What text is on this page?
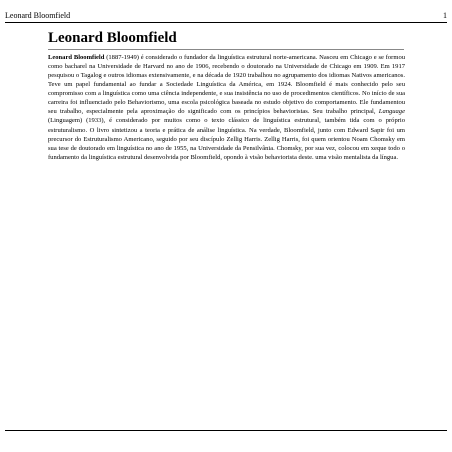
Leonard Bloomfield	1
Leonard Bloomfield

Leonard Bloomfield (1887-1949) é considerado o fundador da linguística estrutural norte-americana. Nasceu em Chicago e se formou como bacharel na Universidade de Harvard no ano de 1906, recebendo o doutorado na Universidade de Chicago em 1909. Em 1917 pesquisou o Tagalog e outros idiomas extensivamente, e na década de 1920 trabalhou no agrupamento dos idiomas Nativos americanos. Teve um papel fundamental ao fundar a Sociedade Linguística da América, em 1924. Bloomfield é mais conhecido pelo seu compromisso com a linguística como uma ciência independente, e sua insistência no uso de procedimentos científicos. No início de sua carreira foi influenciado pelo Behaviorismo, uma escola psicológica baseada no estudo objetivo do comportamento. Ele fundamentou seu trabalho, especialmente pela aproximação do significado com os princípios behavioristas. Seu trabalho principal, Language (Linguagem) (1933), é considerado por muitos como o texto clássico de linguística estrutural, também tida com o próprio estruturalismo. O livro sintetizou a teoria e prática de análise linguística. Na verdade, Bloomfield, junto com Edward Sapir foi um precursor do Estruturalismo Americano, seguido por seu discípulo Zellig Harris. Zellig Harris, foi quem orientou Noam Chomsky em sua tese de doutorado em linguística no ano de 1955, na Universidade da Pensilvânia. Chomsky, por sua vez, colocou em xeque todo o fundamento da linguística estrutural desenvolvida por Bloomfield, opondo à visão behaviorista deste. uma visão mentalista da língua.
